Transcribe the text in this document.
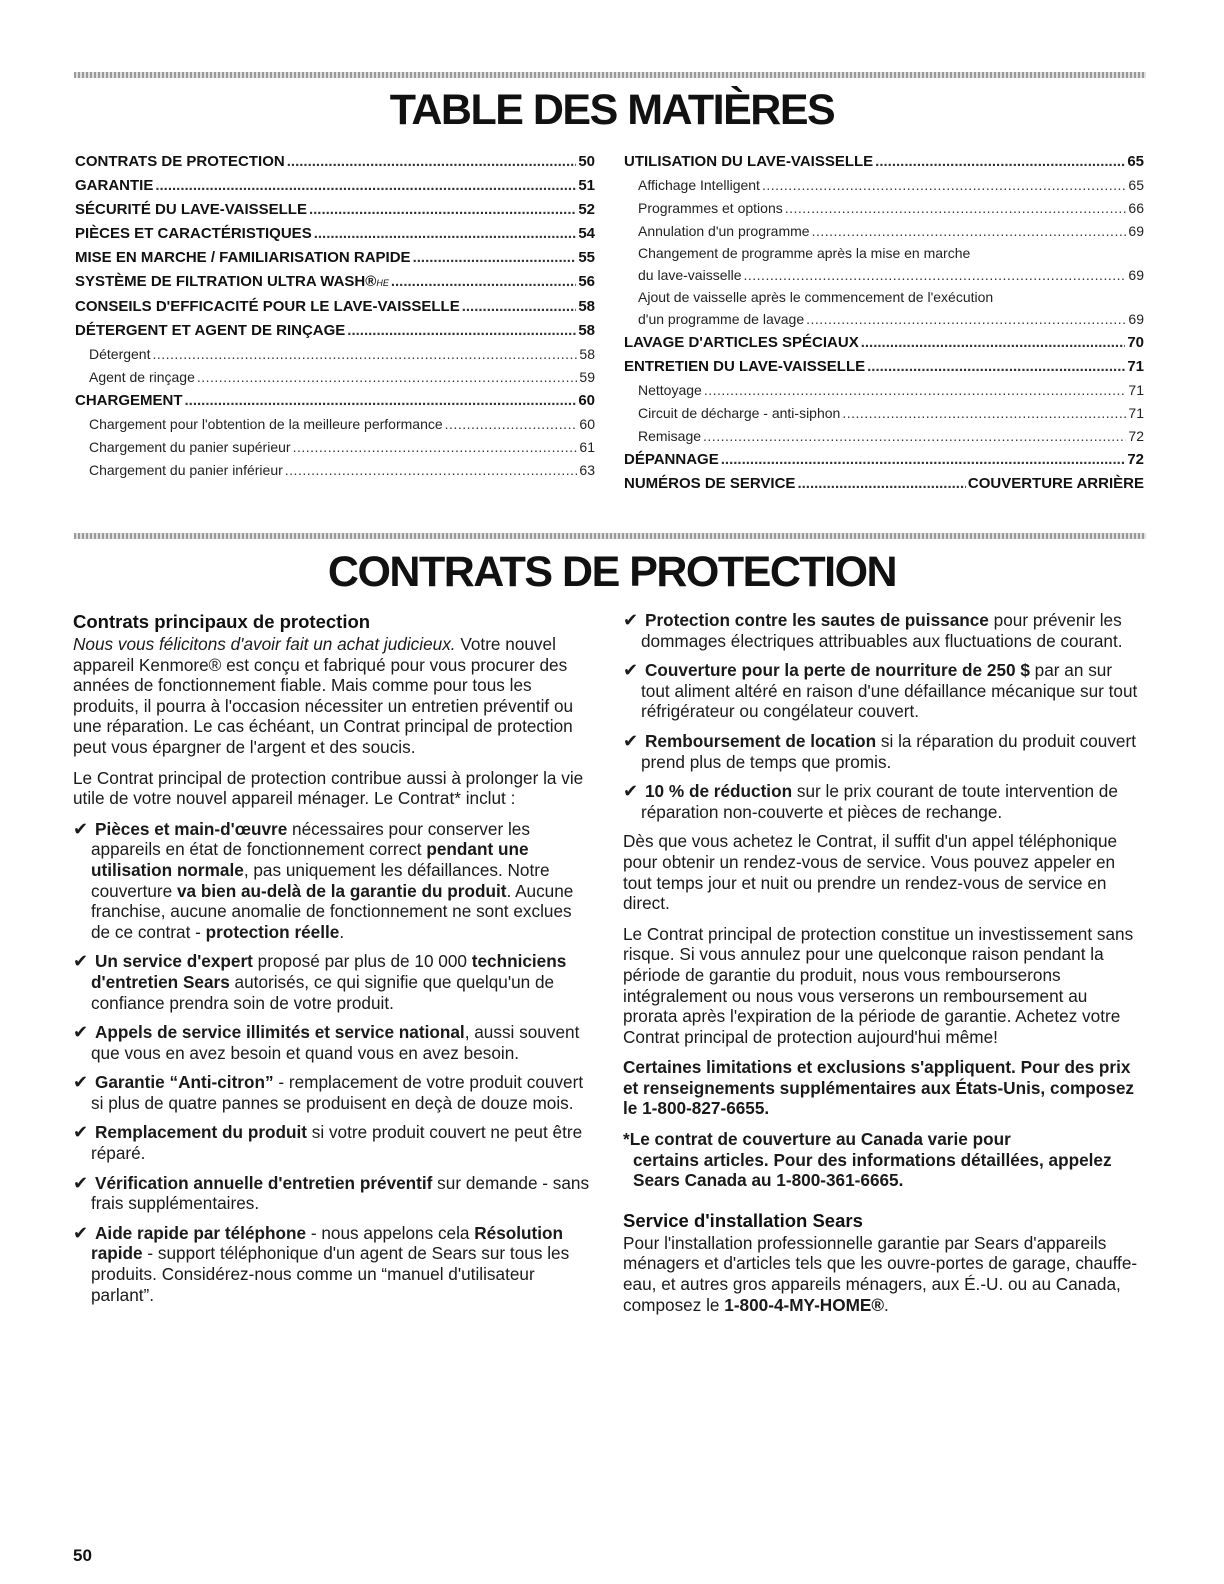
TABLE DES MATIÈRES
CONTRATS DE PROTECTION .....	50
GARANTIE .....	51
SÉCURITÉ DU LAVE-VAISSELLE .....	52
PIÈCES ET CARACTÉRISTIQUES .....	54
MISE EN MARCHE / FAMILIARISATION RAPIDE .....	55
SYSTÈME DE FILTRATION ULTRA WASH® HE .....	56
CONSEILS D'EFFICACITÉ POUR LE LAVE-VAISSELLE .....	58
DÉTERGENT ET AGENT DE RINÇAGE .....	58
Détergent .....	58
Agent de rinçage .....	59
CHARGEMENT .....	60
Chargement pour l'obtention de la meilleure performance .....	60
Chargement du panier supérieur .....	61
Chargement du panier inférieur .....	63
UTILISATION DU LAVE-VAISSELLE .....	65
Affichage Intelligent .....	65
Programmes et options .....	66
Annulation d'un programme .....	69
Changement de programme après la mise en marche
du lave-vaisselle .....	69
Ajout de vaisselle après le commencement de l'exécution
d'un programme de lavage .....	69
LAVAGE D'ARTICLES SPÉCIAUX .....	70
ENTRETIEN DU LAVE-VAISSELLE .....	71
Nettoyage .....	71
Circuit de décharge - anti-siphon .....	71
Remisage .....	72
DÉPANNAGE .....	72
NUMÉROS DE SERVICE .....	COUVERTURE ARRIÈRE
CONTRATS DE PROTECTION
Contrats principaux de protection
Nous vous félicitons d'avoir fait un achat judicieux. Votre nouvel appareil Kenmore® est conçu et fabriqué pour vous procurer des années de fonctionnement fiable. Mais comme pour tous les produits, il pourra à l'occasion nécessiter un entretien préventif ou une réparation. Le cas échéant, un Contrat principal de protection peut vous épargner de l'argent et des soucis.
Le Contrat principal de protection contribue aussi à prolonger la vie utile de votre nouvel appareil ménager. Le Contrat* inclut :
✔ Pièces et main-d'œuvre nécessaires pour conserver les appareils en état de fonctionnement correct pendant une utilisation normale, pas uniquement les défaillances. Notre couverture va bien au-delà de la garantie du produit. Aucune franchise, aucune anomalie de fonctionnement ne sont exclues de ce contrat - protection réelle.
✔ Un service d'expert proposé par plus de 10 000 techniciens d'entretien Sears autorisés, ce qui signifie que quelqu'un de confiance prendra soin de votre produit.
✔ Appels de service illimités et service national, aussi souvent que vous en avez besoin et quand vous en avez besoin.
✔ Garantie “Anti-citron” - remplacement de votre produit couvert si plus de quatre pannes se produisent en deçà de douze mois.
✔ Remplacement du produit si votre produit couvert ne peut être réparé.
✔ Vérification annuelle d'entretien préventif sur demande - sans frais supplémentaires.
✔ Aide rapide par téléphone - nous appelons cela Résolution rapide - support téléphonique d'un agent de Sears sur tous les produits. Considérez-nous comme un “manuel d'utilisateur parlant”.
✔ Protection contre les sautes de puissance pour prévenir les dommages électriques attribuables aux fluctuations de courant.
✔ Couverture pour la perte de nourriture de 250 $ par an sur tout aliment altéré en raison d'une défaillance mécanique sur tout réfrigérateur ou congélateur couvert.
✔ Remboursement de location si la réparation du produit couvert prend plus de temps que promis.
✔ 10 % de réduction sur le prix courant de toute intervention de réparation non-couverte et pièces de rechange.
Dès que vous achetez le Contrat, il suffit d'un appel téléphonique pour obtenir un rendez-vous de service. Vous pouvez appeler en tout temps jour et nuit ou prendre un rendez-vous de service en direct.
Le Contrat principal de protection constitue un investissement sans risque. Si vous annulez pour une quelconque raison pendant la période de garantie du produit, nous vous rembourserons intégralement ou nous vous verserons un remboursement au prorata après l'expiration de la période de garantie. Achetez votre Contrat principal de protection aujourd'hui même!
Certaines limitations et exclusions s'appliquent. Pour des prix et renseignements supplémentaires aux États-Unis, composez le 1-800-827-6655.
*Le contrat de couverture au Canada varie pour
certains articles. Pour des informations détaillées, appelez Sears Canada au 1-800-361-6665.
Service d'installation Sears
Pour l'installation professionnelle garantie par Sears d'appareils ménagers et d'articles tels que les ouvre-portes de garage, chauffe-eau, et autres gros appareils ménagers, aux É.-U. ou au Canada, composez le 1-800-4-MY-HOME®.
50
